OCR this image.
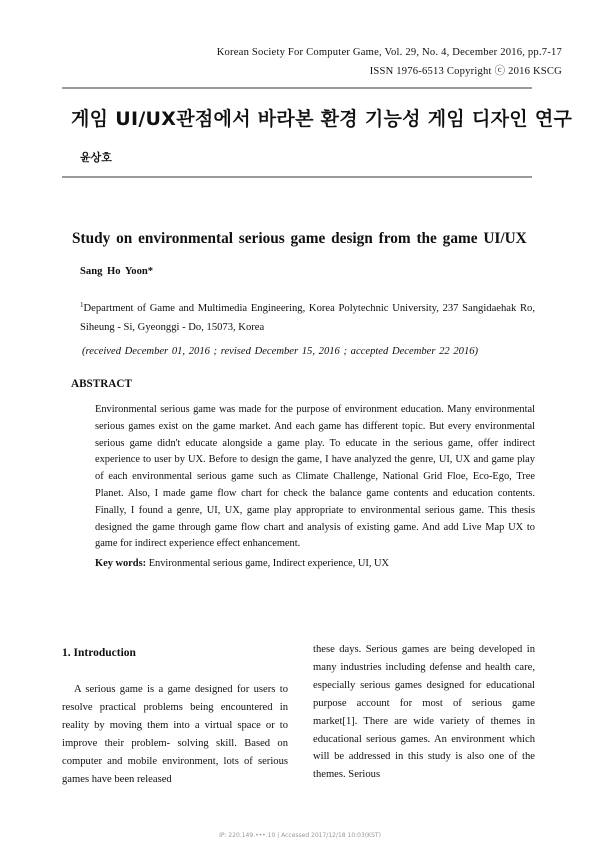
Korean Society For Computer Game, Vol. 29, No. 4, December 2016, pp.7-17
ISSN 1976-6513 Copyright ⓒ 2016 KSCG
게임 UI/UX관점에서 바라본 환경 기능성 게임 디자인 연구
윤상호
Study on environmental serious game design from the game UI/UX
Sang Ho Yoon*
$^1$Department of Game and Multimedia Engineering, Korea Polytechnic University, 237 Sangidaehak Ro, Siheung - Si, Gyeonggi - Do, 15073, Korea
(received December 01, 2016 ; revised December 15, 2016 ; accepted December 22 2016)
ABSTRACT
Environmental serious game was made for the purpose of environment education. Many environmental serious games exist on the game market. And each game has different topic. But every environmental serious game didn't educate alongside a game play. To educate in the serious game, offer indirect experience to user by UX. Before to design the game, I have analyzed the genre, UI, UX and game play of each environmental serious game such as Climate Challenge, National Grid Floe, Eco-Ego, Tree Planet. Also, I made game flow chart for check the balance game contents and education contents. Finally, I found a genre, UI, UX, game play appropriate to environmental serious game. This thesis designed the game through game flow chart and analysis of existing game. And add Live Map UX to game for indirect experience effect enhancement.
Key words: Environmental serious game, Indirect experience, UI, UX
1. Introduction
A serious game is a game designed for users to resolve practical problems being encountered in reality by moving them into a virtual space or to improve their problem- solving skill. Based on computer and mobile environment, lots of serious games have been released
these days. Serious games are being developed in many industries including defense and health care, especially serious games designed for educational purpose account for most of serious game market[1]. There are wide variety of themes in educational serious games. An environment which will be addressed in this study is also one of the themes. Serious
IP: 220.149.•••.10 | Accessed 2017/12/18 10:03(KST)
